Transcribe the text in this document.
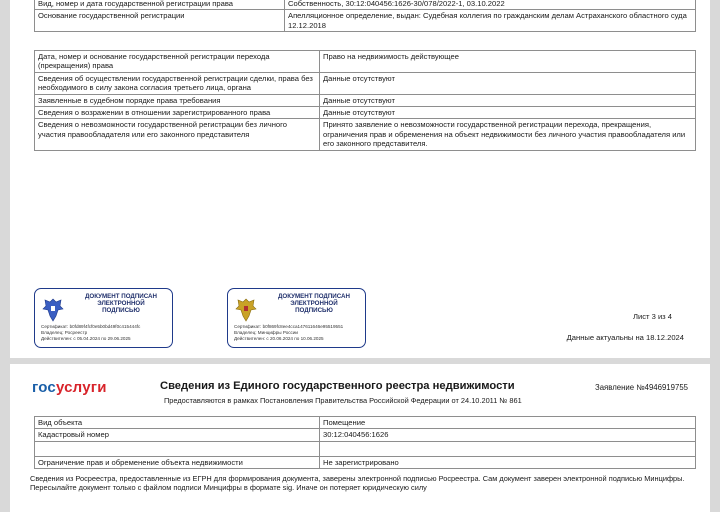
Вид, номер и дата государственной регистрации права	Собственность, 30:12:040456:1626-30/078/2022-1, 03.10.2022
Основание государственной регистрации	Апелляционное определение, выдан: Судебная коллегия по гражданским делам Астраханского областного суда 12.12.2018
Дата, номер и основание государственной регистрации перехода (прекращения) права	Право на недвижимость действующее
Сведения об осуществлении государственной регистрации сделки, права без необходимого в силу закона согласия третьего лица, органа	Данные отсутствуют
Заявленные в судебном порядке права требования	Данные отсутствуют
Сведения о возражении в отношении зарегистрированного права	Данные отсутствуют
Сведения о невозможности государственной регистрации без личного участия правообладателя или его законного представителя	Принято заявление о невозможности государственной регистрации перехода, прекращения, ограничения прав и обременения на объект недвижимости без личного участия правообладателя или его законного представителя.
ДОКУМЕНТ ПОДПИСАН
ЭЛЕКТРОННОЙ
ПОДПИСЬЮ
Сертификат: b0fd89f4fcf0e5b0bd49f0c415444fc
Владелец: Росреестр
Действителен: с 05.04.2024 по 29.06.2025
ДОКУМЕНТ ПОДПИСАН
ЭЛЕКТРОННОЙ
ПОДПИСЬЮ
Сертификат: b0f869fc8ee4cca147611646e95519551
Владелец: Минцифры России
Действителен: с 20.06.2024 по 10.06.2025
Лист 3 из 4
Данные актуальны на 18.12.2024
госуслуги	Сведения из Единого государственного реестра недвижимости	Заявление №4946919755
Предоставляются в рамках Постановления Правительства Российской Федерации от 24.10.2011 № 861
Вид объекта	Помещение
Кадастровый номер	30:12:040456:1626

Ограничение прав и обременение объекта недвижимости	Не зарегистрировано
Сведения из Росреестра, предоставленные из ЕГРН для формирования документа, заверены электронной подписью Росреестра. Сам документ заверен электронной подписью Минцифры. Пересылайте документ только с файлом подписи Минцифры в формате sig. Иначе он потеряет юридическую силу
